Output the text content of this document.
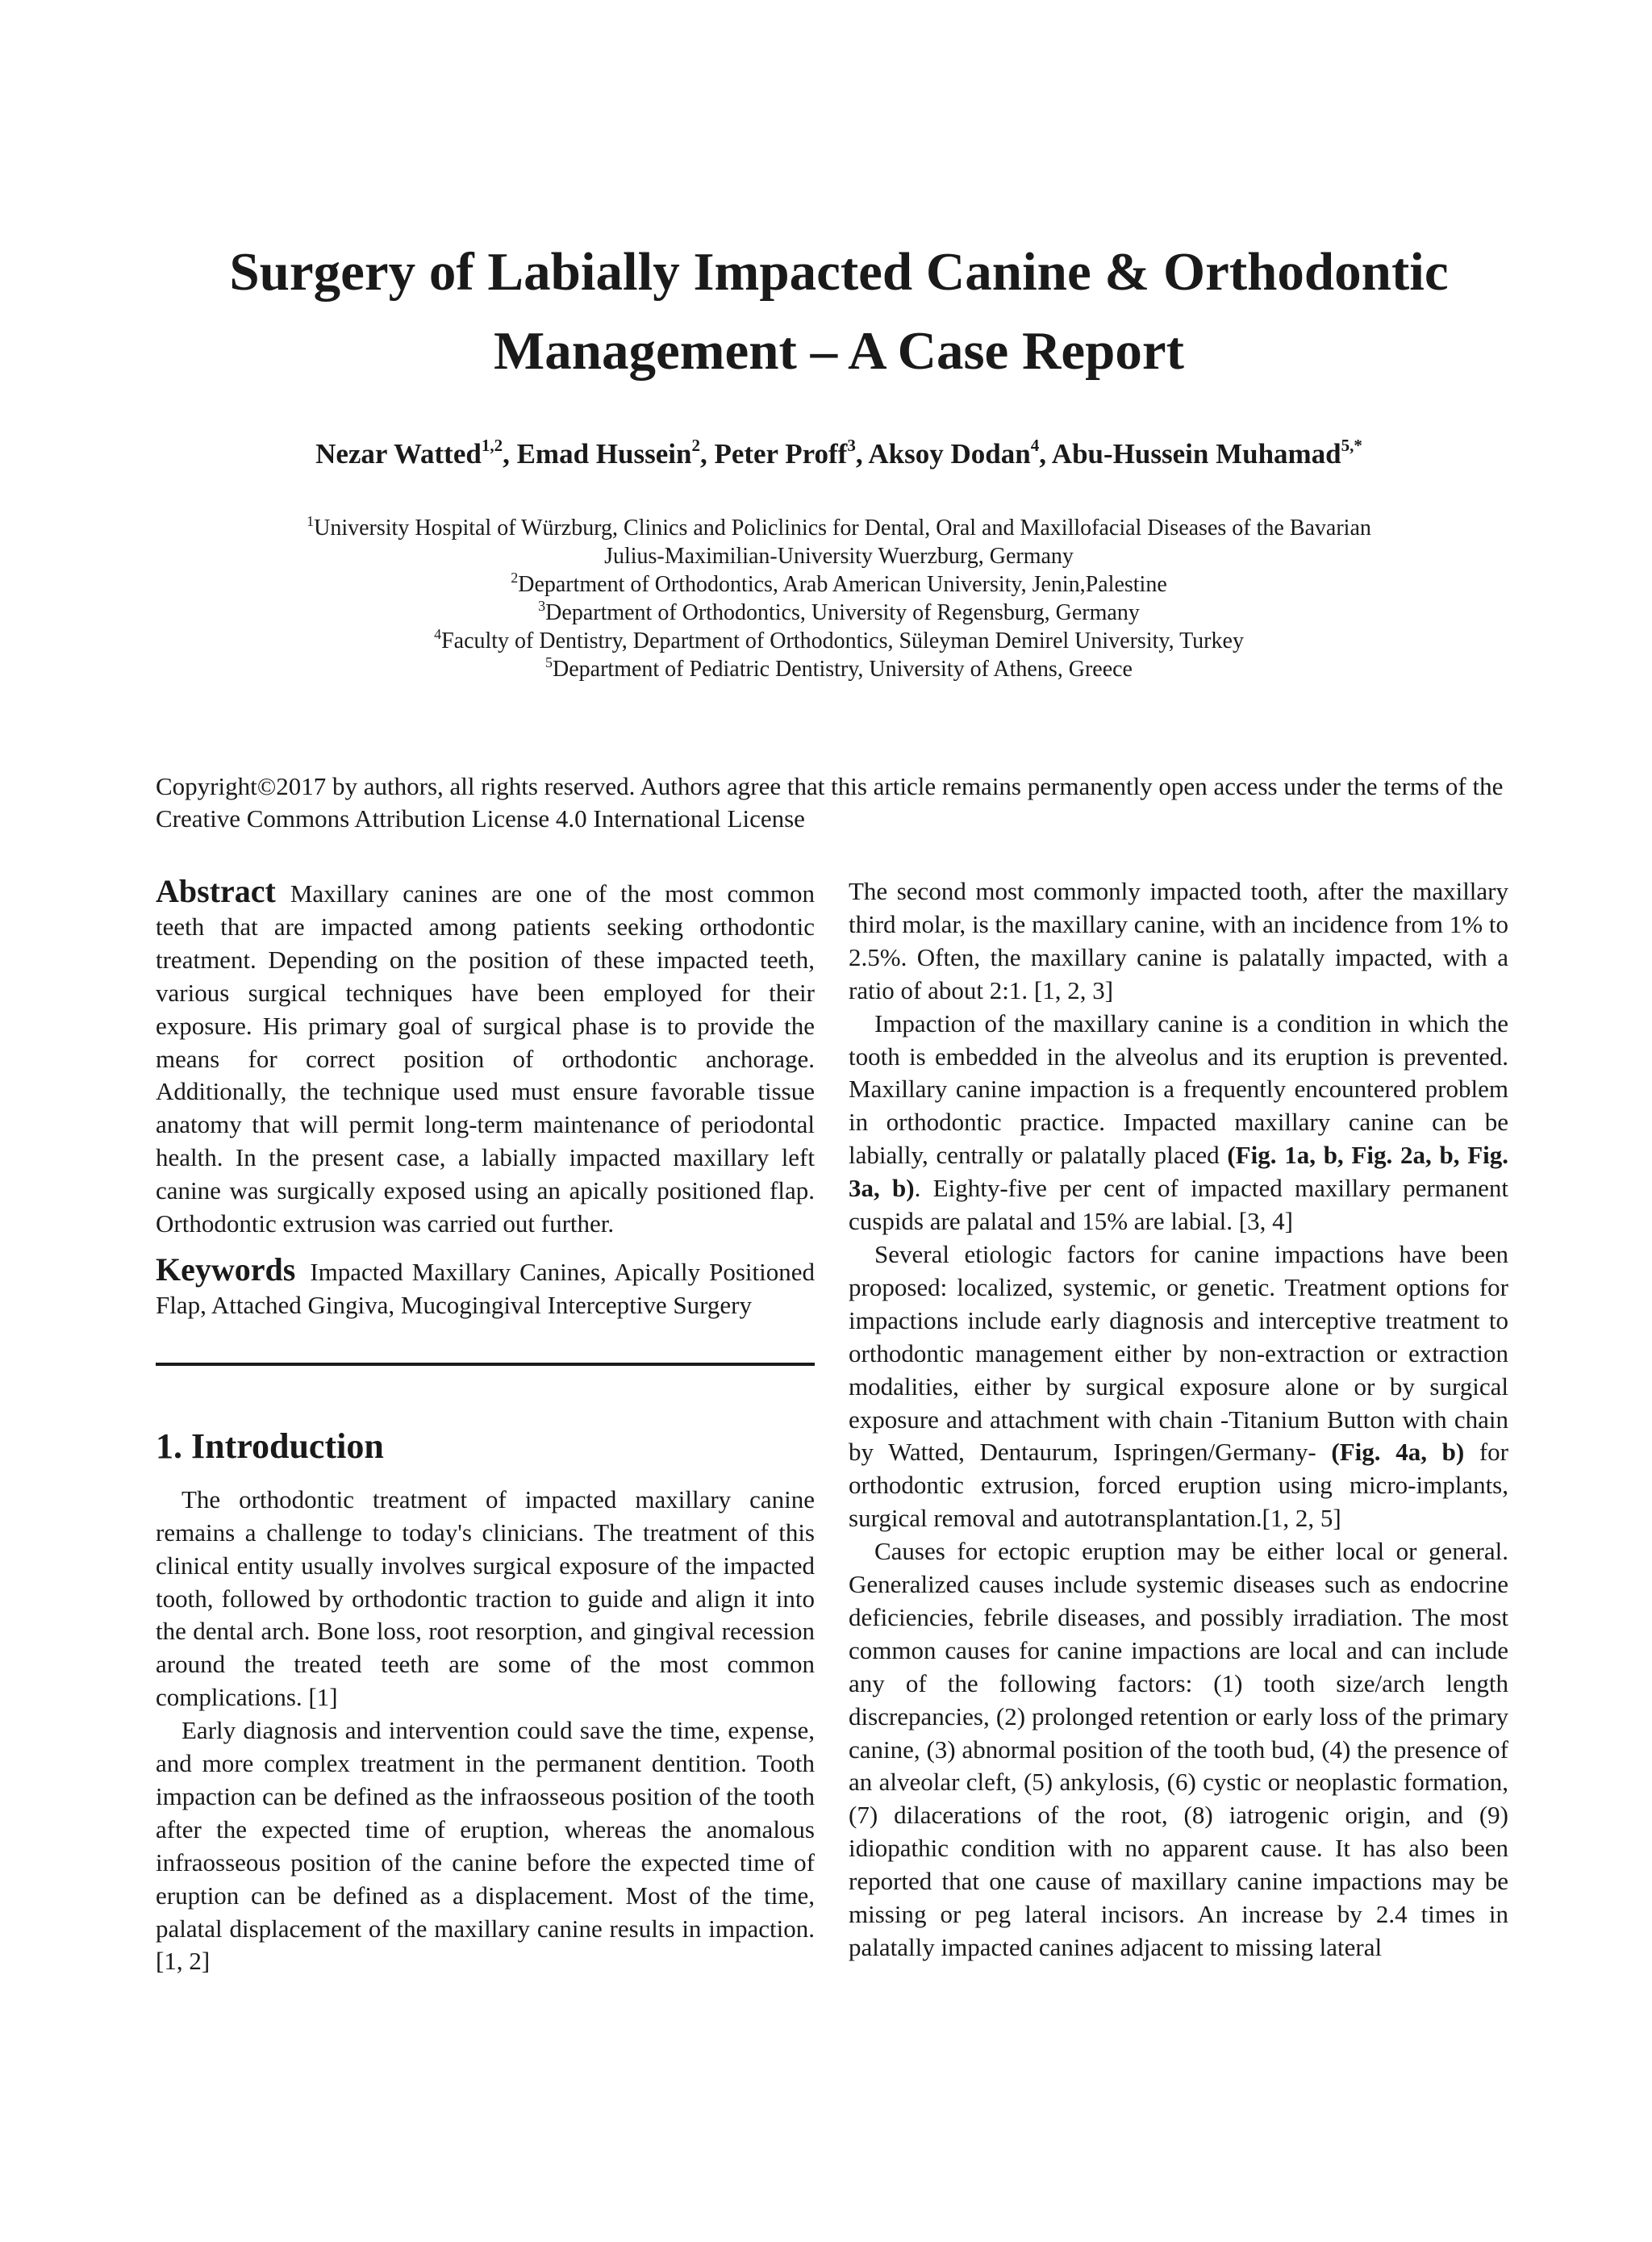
Surgery of Labially Impacted Canine & Orthodontic
Management – A Case Report
Nezar Watted$^{1,2}$, Emad Hussein$^2$, Peter Proff$^3$, Aksoy Dodan$^4$, Abu-Hussein Muhamad$^{5,*}$
$^1$University Hospital of Würzburg, Clinics and Policlinics for Dental, Oral and Maxillofacial Diseases of the Bavarian
Julius-Maximilian-University Wuerzburg, Germany
$^2$Department of Orthodontics, Arab American University, Jenin,Palestine
$^3$Department of Orthodontics, University of Regensburg, Germany
$^4$Faculty of Dentistry, Department of Orthodontics, Süleyman Demirel University, Turkey
$^5$Department of Pediatric Dentistry, University of Athens, Greece
Copyright©2017 by authors, all rights reserved. Authors agree that this article remains permanently open access under the terms of the Creative Commons Attribution License 4.0 International License

Abstract Maxillary canines are one of the most common teeth that are impacted among patients seeking orthodontic treatment. Depending on the position of these impacted teeth, various surgical techniques have been employed for their exposure. His primary goal of surgical phase is to provide the means for correct position of orthodontic anchorage. Additionally, the technique used must ensure favorable tissue anatomy that will permit long-term maintenance of periodontal health. In the present case, a labially impacted maxillary left canine was surgically exposed using an apically positioned flap. Orthodontic extrusion was carried out further.

Keywords Impacted Maxillary Canines, Apically Positioned Flap, Attached Gingiva, Mucogingival Interceptive Surgery

1. Introduction

The orthodontic treatment of impacted maxillary canine remains a challenge to today's clinicians. The treatment of this clinical entity usually involves surgical exposure of the impacted tooth, followed by orthodontic traction to guide and align it into the dental arch. Bone loss, root resorption, and gingival recession around the treated teeth are some of the most common complications. [1]

Early diagnosis and intervention could save the time, expense, and more complex treatment in the permanent dentition. Tooth impaction can be defined as the infraosseous position of the tooth after the expected time of eruption, whereas the anomalous infraosseous position of the canine before the expected time of eruption can be defined as a displacement. Most of the time, palatal displacement of the maxillary canine results in impaction. [1, 2]

The second most commonly impacted tooth, after the maxillary third molar, is the maxillary canine, with an incidence from 1% to 2.5%. Often, the maxillary canine is palatally impacted, with a ratio of about 2:1. [1, 2, 3]

Impaction of the maxillary canine is a condition in which the tooth is embedded in the alveolus and its eruption is prevented. Maxillary canine impaction is a frequently encountered problem in orthodontic practice. Impacted maxillary canine can be labially, centrally or palatally placed (Fig. 1a, b, Fig. 2a, b, Fig. 3a, b). Eighty-five per cent of impacted maxillary permanent cuspids are palatal and 15% are labial. [3, 4]

Several etiologic factors for canine impactions have been proposed: localized, systemic, or genetic. Treatment options for impactions include early diagnosis and interceptive treatment to orthodontic management either by non-extraction or extraction modalities, either by surgical exposure alone or by surgical exposure and attachment with chain -Titanium Button with chain by Watted, Dentaurum, Ispringen/Germany- (Fig. 4a, b) for orthodontic extrusion, forced eruption using micro-implants, surgical removal and autotransplantation.[1, 2, 5]

Causes for ectopic eruption may be either local or general. Generalized causes include systemic diseases such as endocrine deficiencies, febrile diseases, and possibly irradiation. The most common causes for canine impactions are local and can include any of the following factors: (1) tooth size/arch length discrepancies, (2) prolonged retention or early loss of the primary canine, (3) abnormal position of the tooth bud, (4) the presence of an alveolar cleft, (5) ankylosis, (6) cystic or neoplastic formation, (7) dilacerations of the root, (8) iatrogenic origin, and (9) idiopathic condition with no apparent cause. It has also been reported that one cause of maxillary canine impactions may be missing or peg lateral incisors. An increase by 2.4 times in palatally impacted canines adjacent to missing lateral
